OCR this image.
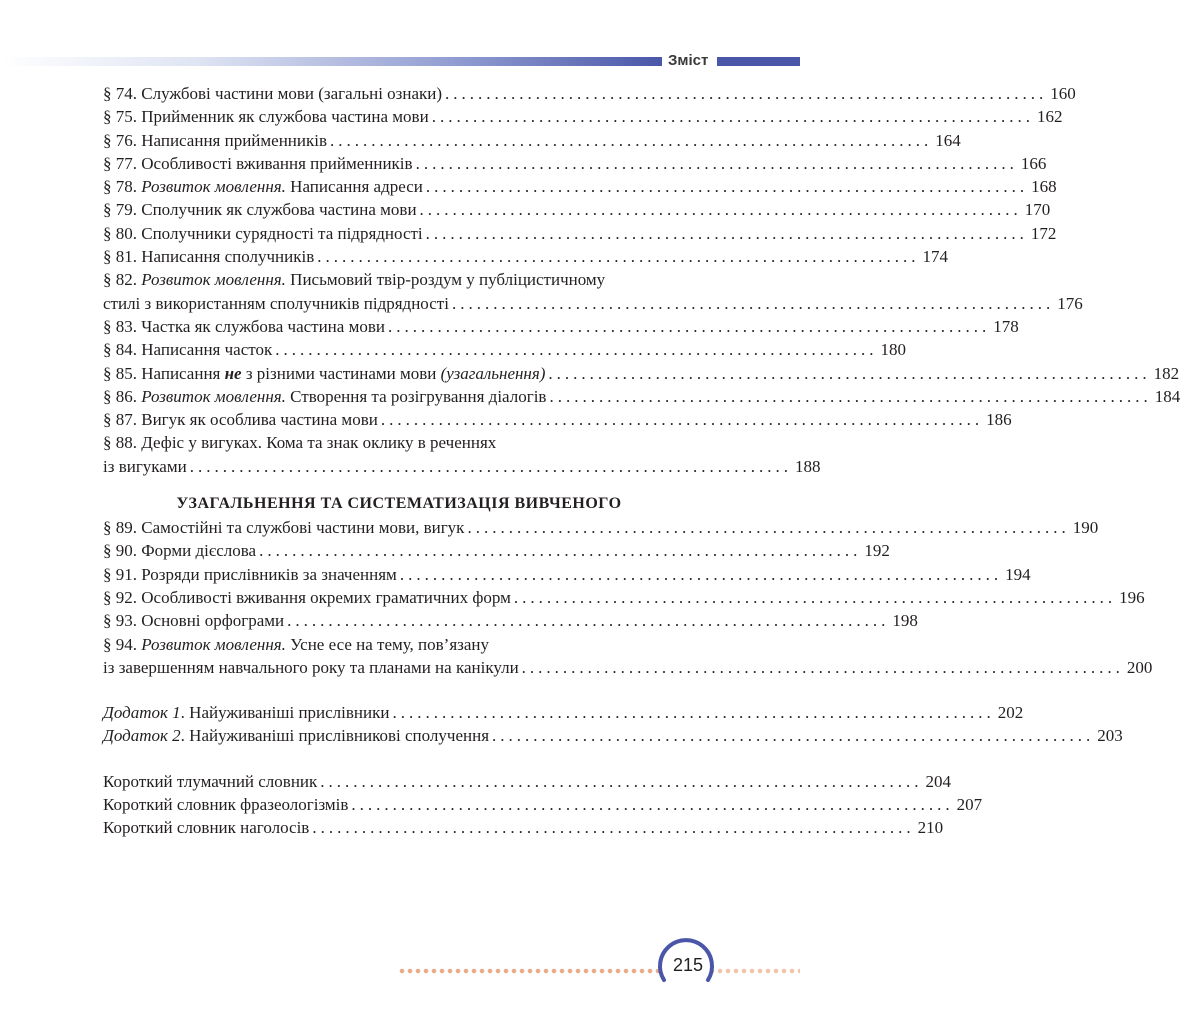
Зміст
§ 74. Службові частини мови (загальні ознаки) ......................................................................... 160
§ 75. Прийменник як службова частина мови ......................................................................... 162
§ 76. Написання прийменників ......................................................................... 164
§ 77. Особливості вживання прийменників ......................................................................... 166
§ 78. Розвиток мовлення. Написання адреси ......................................................................... 168
§ 79. Сполучник як службова частина мови ......................................................................... 170
§ 80. Сполучники сурядності та підрядності ......................................................................... 172
§ 81. Написання сполучників ......................................................................... 174
§ 82. Розвиток мовлення. Письмовий твір-роздум у публіцистичному
стилі з використанням сполучників підрядності ......................................................................... 176
§ 83. Частка як службова частина мови ......................................................................... 178
§ 84. Написання часток ......................................................................... 180
§ 85. Написання не з різними частинами мови (узагальнення) ......................................................................... 182
§ 86. Розвиток мовлення. Створення та розігрування діалогів ......................................................................... 184
§ 87. Вигук як особлива частина мови ......................................................................... 186
§ 88. Дефіс у вигуках. Кома та знак оклику в реченнях
із вигуками ......................................................................... 188
УЗАГАЛЬНЕННЯ ТА СИСТЕМАТИЗАЦІЯ ВИВЧЕНОГО
§ 89. Самостійні та службові частини мови, вигук ......................................................................... 190
§ 90. Форми дієслова ......................................................................... 192
§ 91. Розряди прислівників за значенням ......................................................................... 194
§ 92. Особливості вживання окремих граматичних форм ......................................................................... 196
§ 93. Основні орфограми ......................................................................... 198
§ 94. Розвиток мовлення. Усне есе на тему, пов’язану
із завершенням навчального року та планами на канікули ......................................................................... 200
Додаток 1. Найуживаніші прислівники ......................................................................... 202
Додаток 2. Найуживаніші прислівникові сполучення ......................................................................... 203
Короткий тлумачний словник ......................................................................... 204
Короткий словник фразеологізмів ......................................................................... 207
Короткий словник наголосів ......................................................................... 210
215
